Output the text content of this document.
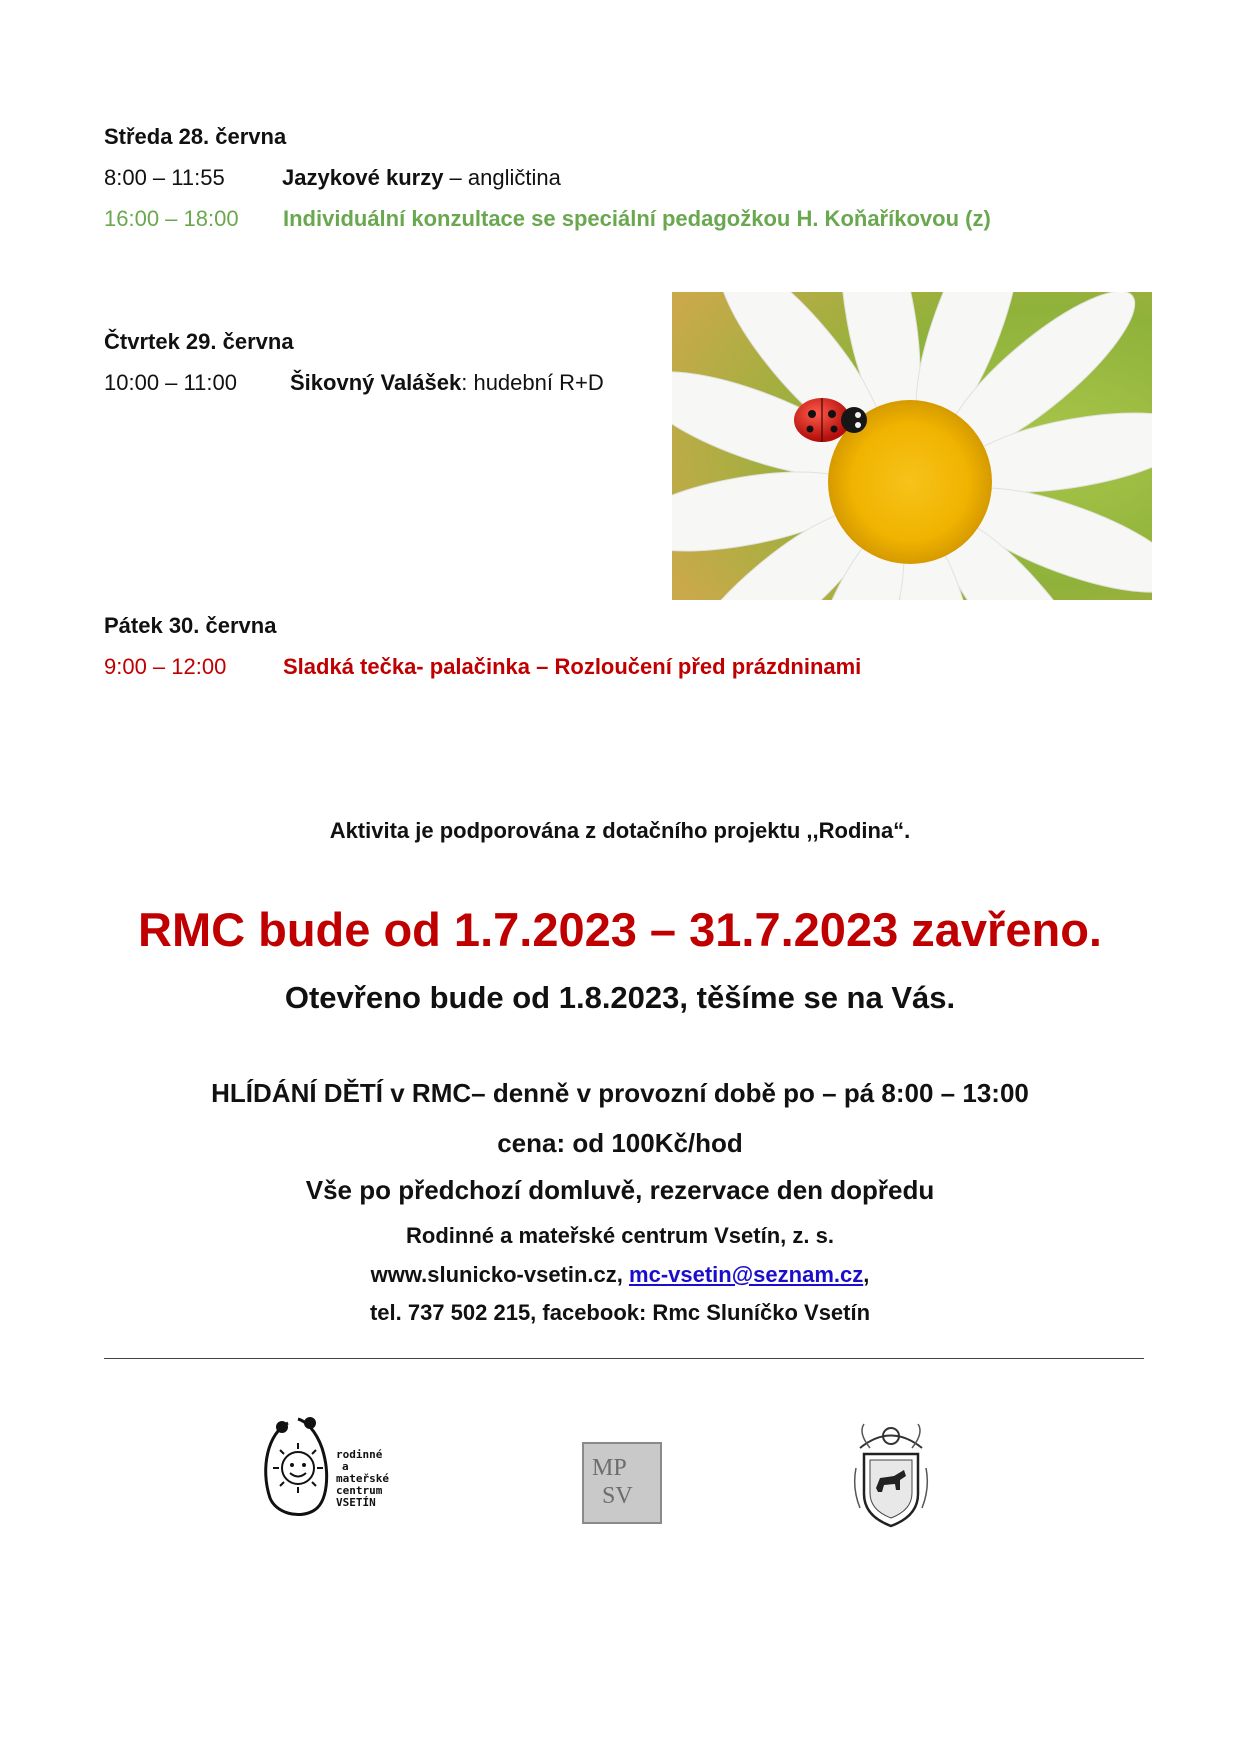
Středa 28. června
8:00 – 11:55	Jazykové kurzy – angličtina
16:00 – 18:00 Individuální konzultace se speciální pedagožkou H. Koňaříkovou (z)
Čtvrtek 29. června
10:00 – 11:00 Šikovný Valášek: hudební R+D
Pátek 30. června
9:00 – 12:00	Sladká tečka- palačinka – Rozloučení před prázdninami
Aktivita je podporována z dotačního projektu ,,Rodina“.
RMC bude od 1.7.2023 – 31.7.2023 zavřeno.
Otevřeno bude od 1.8.2023, těšíme se na Vás.
HLÍDÁNÍ DĚTÍ v RMC– denně v provozní době po – pá 8:00 – 13:00
cena: od 100Kč/hod
Vše po předchozí domluvě, rezervace den dopředu
Rodinné a mateřské centrum Vsetín, z. s.
www.slunicko-vsetin.cz, mc-vsetin@seznam.cz,
tel. 737 502 215, facebook: Rmc Sluníčko Vsetín
rodinné
a
mateřské
centrum
VSETÍN
MP
SV
